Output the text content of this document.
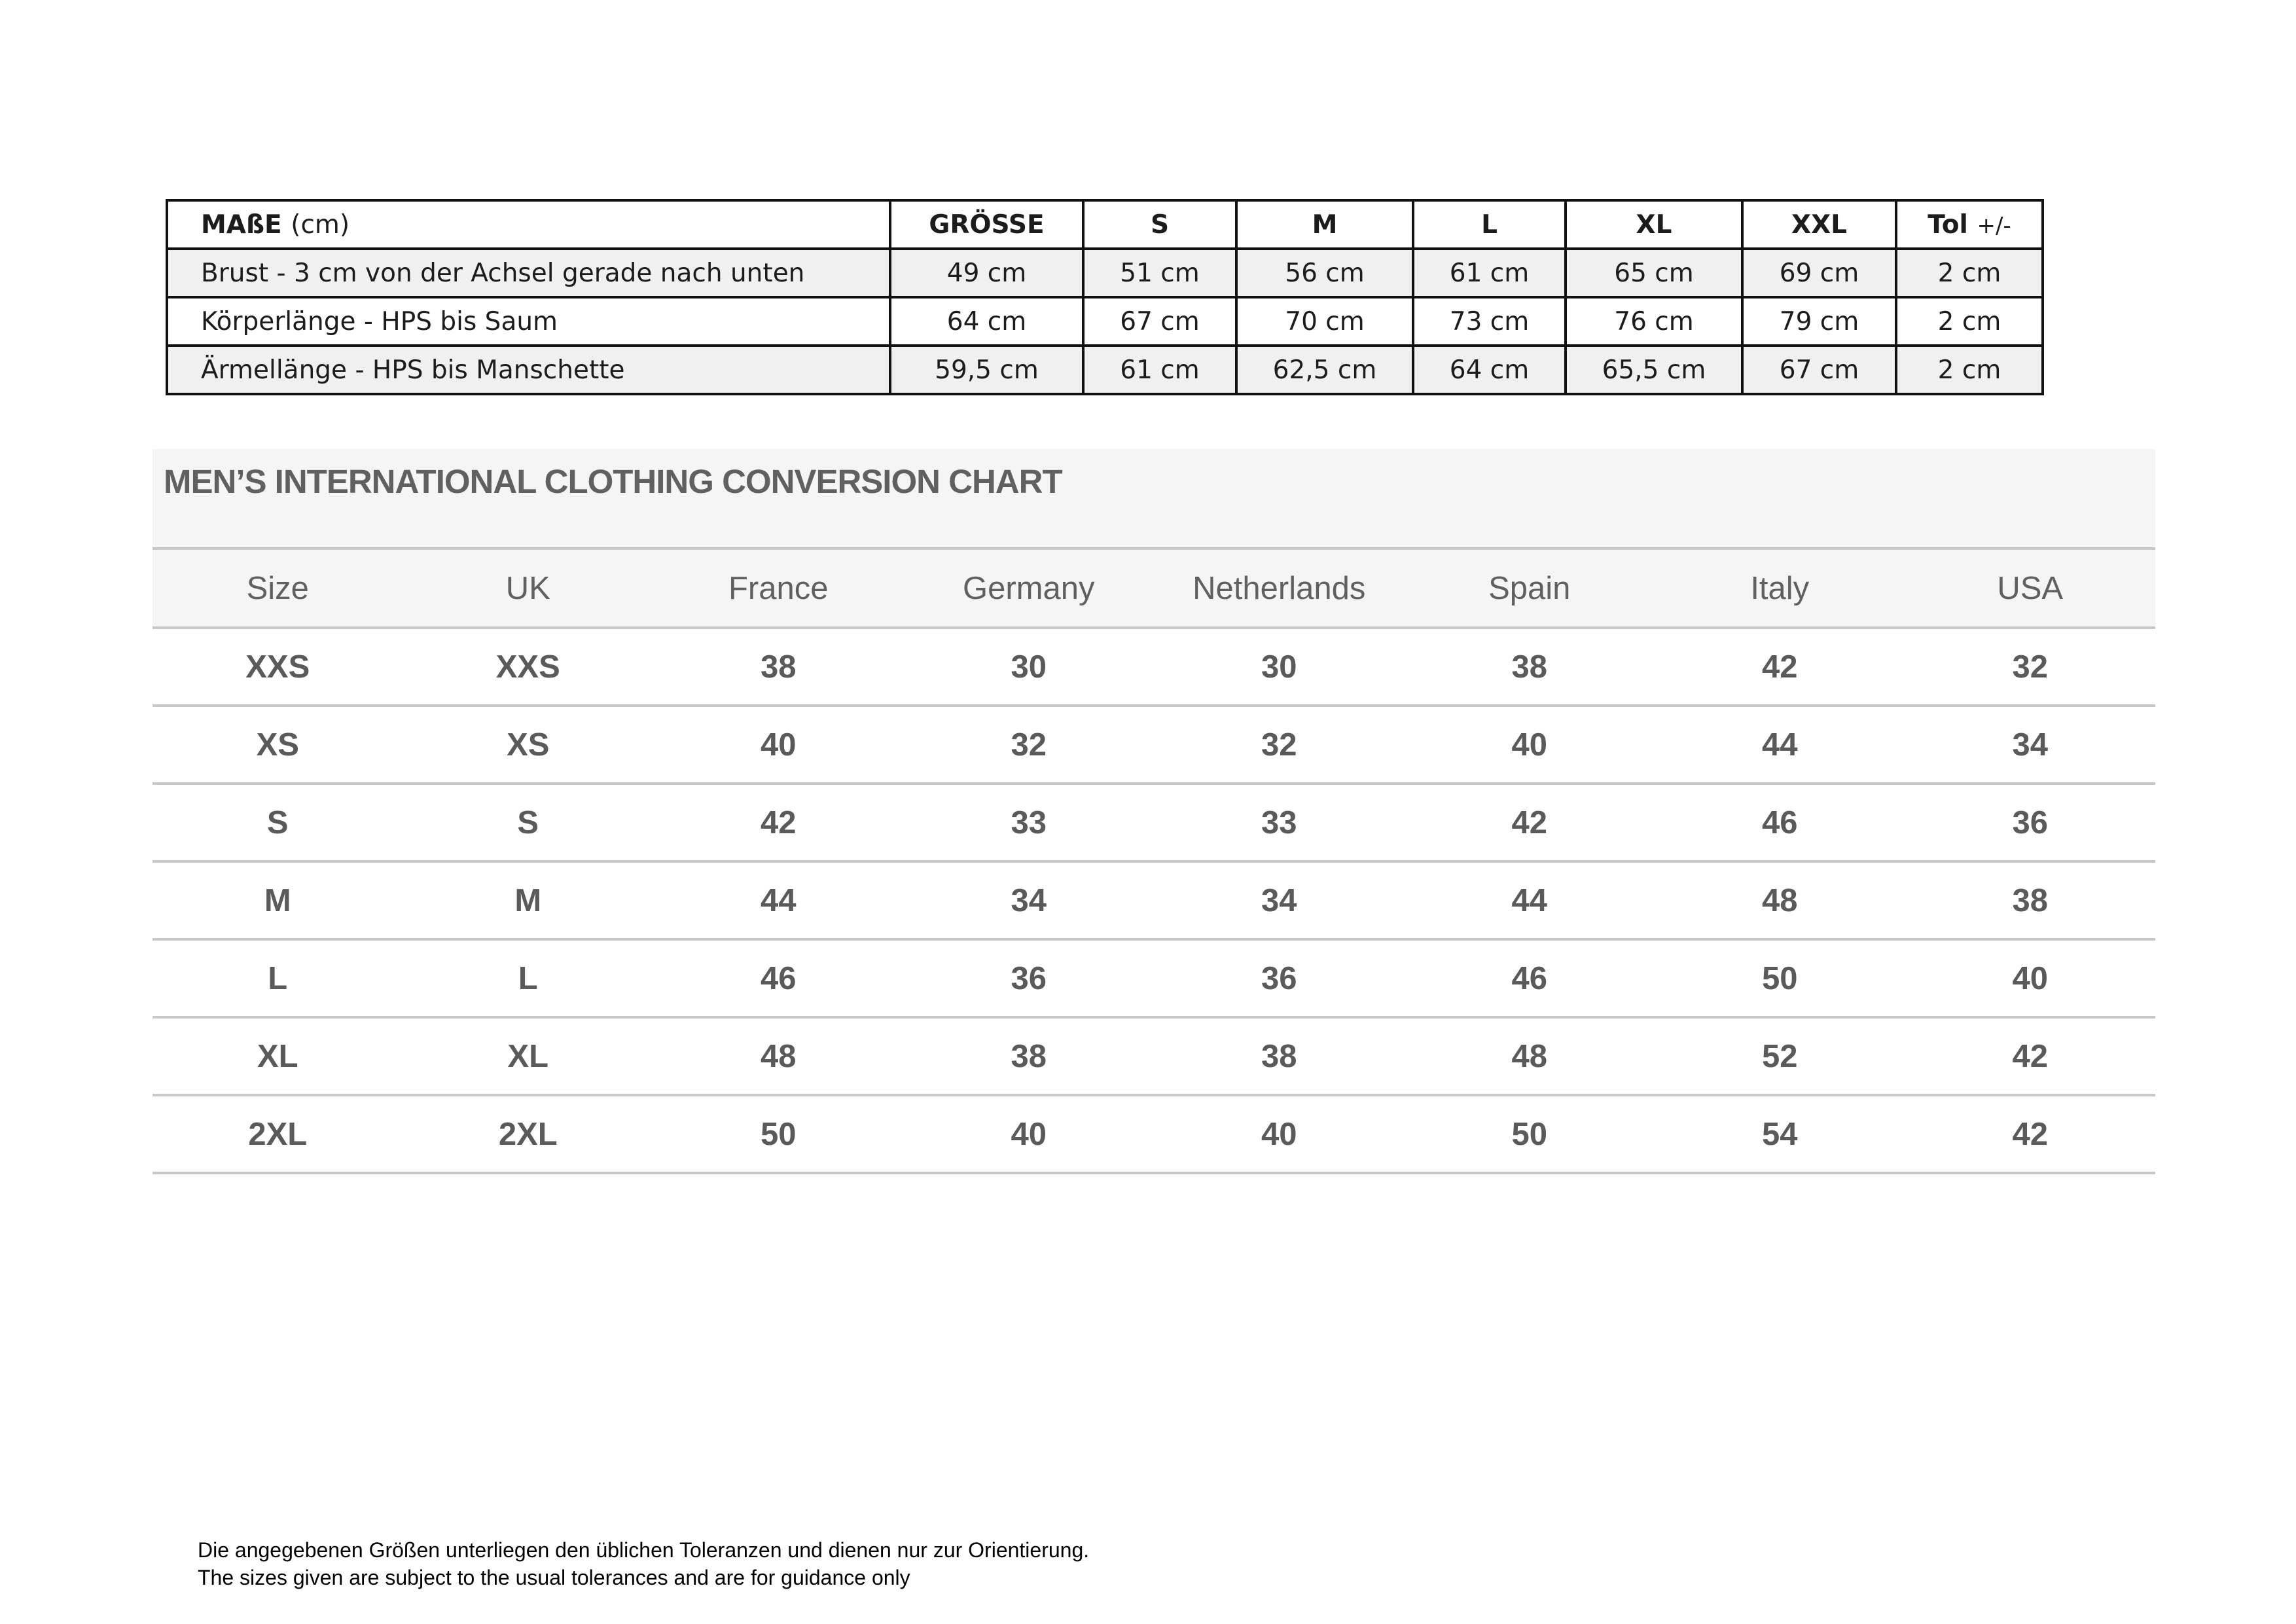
MAßE (cm)	GRÖSSE	S	M	L	XL	XXL	Tol +/-
Brust - 3 cm von der Achsel gerade nach unten	49 cm	51 cm	56 cm	61 cm	65 cm	69 cm	2 cm
Körperlänge - HPS bis Saum	64 cm	67 cm	70 cm	73 cm	76 cm	79 cm	2 cm
Ärmellänge - HPS bis Manschette	59,5 cm	61 cm	62,5 cm	64 cm	65,5 cm	67 cm	2 cm
MEN’S INTERNATIONAL CLOTHING CONVERSION CHART
Size	UK	France	Germany	Netherlands	Spain	Italy	USA
XXS	XXS	38	30	30	38	42	32
XS	XS	40	32	32	40	44	34
S	S	42	33	33	42	46	36
M	M	44	34	34	44	48	38
L	L	46	36	36	46	50	40
XL	XL	48	38	38	48	52	42
2XL	2XL	50	40	40	50	54	42
Die angegebenen Größen unterliegen den üblichen Toleranzen und dienen nur zur Orientierung.
The sizes given are subject to the usual tolerances and are for guidance only
